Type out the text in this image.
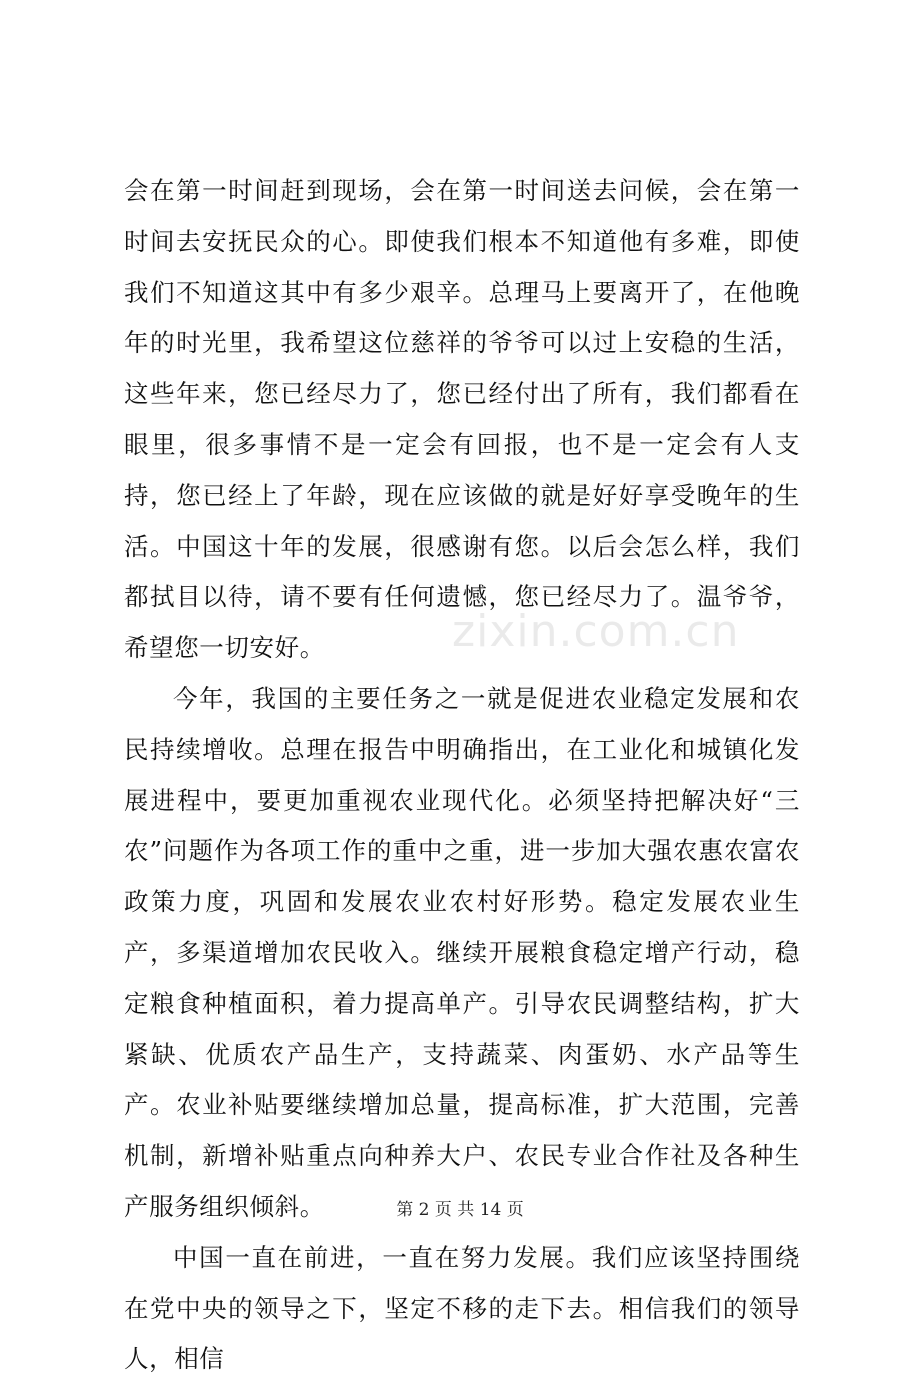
会在第一时间赶到现场，会在第一时间送去问候，会在第一时间去安抚民众的心。即使我们根本不知道他有多难，即使我们不知道这其中有多少艰辛。总理马上要离开了，在他晚年的时光里，我希望这位慈祥的爷爷可以过上安稳的生活，这些年来，您已经尽力了，您已经付出了所有，我们都看在眼里，很多事情不是一定会有回报，也不是一定会有人支持，您已经上了年龄，现在应该做的就是好好享受晚年的生活。中国这十年的发展，很感谢有您。以后会怎么样，我们都拭目以待，请不要有任何遗憾，您已经尽力了。温爷爷，希望您一切安好。

今年，我国的主要任务之一就是促进农业稳定发展和农民持续增收。总理在报告中明确指出，在工业化和城镇化发展进程中，要更加重视农业现代化。必须坚持把解决好“三农”问题作为各项工作的重中之重，进一步加大强农惠农富农政策力度，巩固和发展农业农村好形势。稳定发展农业生产，多渠道增加农民收入。继续开展粮食稳定增产行动，稳定粮食种植面积，着力提高单产。引导农民调整结构，扩大紧缺、优质农产品生产，支持蔬菜、肉蛋奶、水产品等生产。农业补贴要继续增加总量，提高标准，扩大范围，完善机制，新增补贴重点向种养大户、农民专业合作社及各种生产服务组织倾斜。

中国一直在前进，一直在努力发展。我们应该坚持围绕在党中央的领导之下，坚定不移的走下去。相信我们的领导人，相信

zixin.com.cn
第 2 页 共 14 页
